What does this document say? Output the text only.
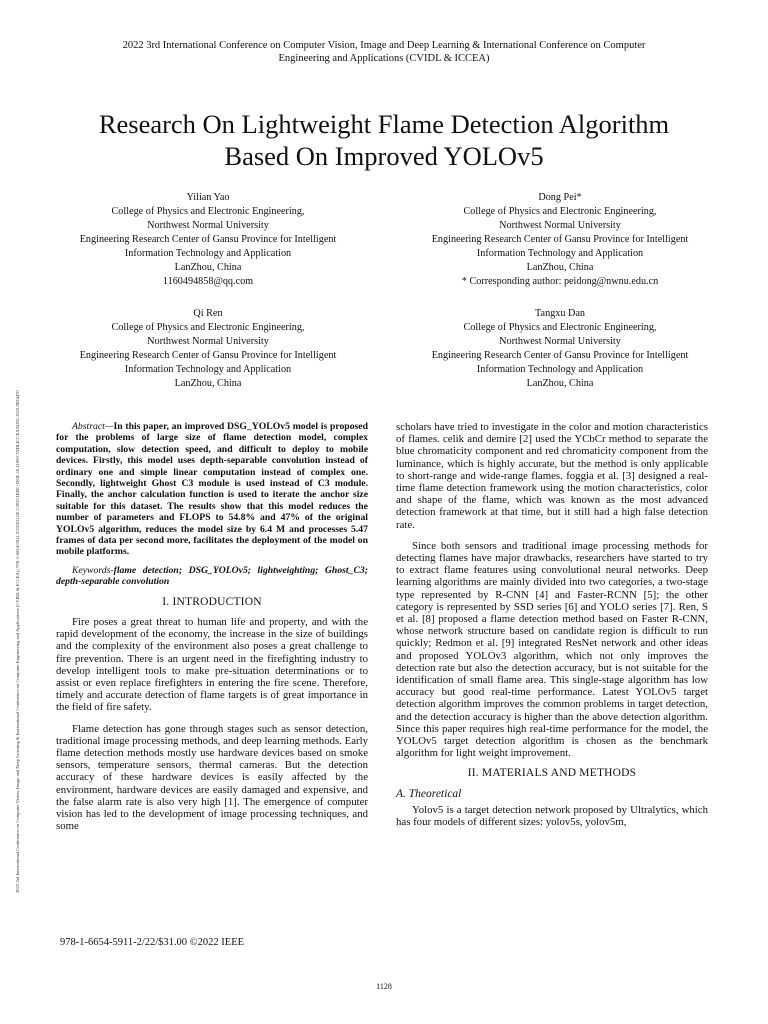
2022 3rd International Conference on Computer Vision, Image and Deep Learning & International Conference on Computer
Engineering and Applications (CVIDL & ICCEA)
Research On Lightweight Flame Detection Algorithm
Based On Improved YOLOv5
2022 3rd International Conference on Computer Vision, Image and Deep Learning & International Conference on Computer Engineering and Applications (CVIDL & ICCEA) | 978-1-6654-5911-2/22/$31.00 ©2022 IEEE | DOI: 10.1109/CVIDLICCEA56201.2022.9824470
Yilian Yao
College of Physics and Electronic Engineering,
Northwest Normal University
Engineering Research Center of Gansu Province for Intelligent
Information Technology and Application
LanZhou, China
1160494858@qq.com
Dong Pei*
College of Physics and Electronic Engineering,
Northwest Normal University
Engineering Research Center of Gansu Province for Intelligent
Information Technology and Application
LanZhou, China
* Corresponding author: peidong@nwnu.edu.cn
Qi Ren
College of Physics and Electronic Engineering,
Northwest Normal University
Engineering Research Center of Gansu Province for Intelligent
Information Technology and Application
LanZhou, China
Tangxu Dan
College of Physics and Electronic Engineering,
Northwest Normal University
Engineering Research Center of Gansu Province for Intelligent
Information Technology and Application
LanZhou, China

Abstract—In this paper, an improved DSG_YOLOv5 model is proposed for the problems of large size of flame detection model, complex computation, slow detection speed, and difficult to deploy to mobile devices. Firstly, this model uses depth-separable convolution instead of ordinary one and simple linear computation instead of complex one. Secondly, lightweight Ghost C3 module is used instead of C3 module. Finally, the anchor calculation function is used to iterate the anchor size suitable for this dataset. The results show that this model reduces the number of parameters and FLOPS to 54.8% and 47% of the original YOLOv5 algorithm, reduces the model size by 6.4 M and processes 5.47 frames of data per second more, facilitates the deployment of the model on mobile platforms.

Keywords-flame detection; DSG_YOLOv5; lightweighting; Ghost_C3; depth-separable convolution

I. INTRODUCTION

Fire poses a great threat to human life and property, and with the rapid development of the economy, the increase in the size of buildings and the complexity of the environment also poses a great challenge to fire prevention. There is an urgent need in the firefighting industry to develop intelligent tools to make pre-situation determinations or to assist or even replace firefighters in entering the fire scene. Therefore, timely and accurate detection of flame targets is of great importance in the field of fire safety.

Flame detection has gone through stages such as sensor detection, traditional image processing methods, and deep learning methods. Early flame detection methods mostly use hardware devices based on smoke sensors, temperature sensors, thermal cameras. But the detection accuracy of these hardware devices is easily affected by the environment, hardware devices are easily damaged and expensive, and the false alarm rate is also very high [1]. The emergence of computer vision has led to the development of image processing techniques, and some

scholars have tried to investigate in the color and motion characteristics of flames. celik and demire [2] used the YCbCr method to separate the blue chromaticity component and red chromaticity component from the luminance, which is highly accurate, but the method is only applicable to short-range and wide-range flames. foggia et al. [3] designed a real-time flame detection framework using the motion characteristics, color and shape of the flame, which was known as the most advanced detection framework at that time, but it still had a high false detection rate.

Since both sensors and traditional image processing methods for detecting flames have major drawbacks, researchers have started to try to extract flame features using convolutional neural networks. Deep learning algorithms are mainly divided into two categories, a two-stage type represented by R-CNN [4] and Faster-RCNN [5]; the other category is represented by SSD series [6] and YOLO series [7]. Ren, S et al. [8] proposed a flame detection method based on Faster R-CNN, whose network structure based on candidate region is difficult to run quickly; Redmon et al. [9] integrated ResNet network and other ideas and proposed YOLOv3 algorithm, which not only improves the detection rate but also the detection accuracy, but is not suitable for the identification of small flame area. This single-stage algorithm has low accuracy but good real-time performance. Latest YOLOv5 target detection algorithm improves the common problems in target detection, and the detection accuracy is higher than the above detection algorithm. Since this paper requires high real-time performance for the model, the YOLOv5 target detection algorithm is chosen as the benchmark algorithm for light weight improvement.

II. MATERIALS AND METHODS

A. Theoretical

Yolov5 is a target detection network proposed by Ultralytics, which has four models of different sizes: yolov5s, yolov5m,

978-1-6654-5911-2/22/$31.00 ©2022 IEEE
1128
